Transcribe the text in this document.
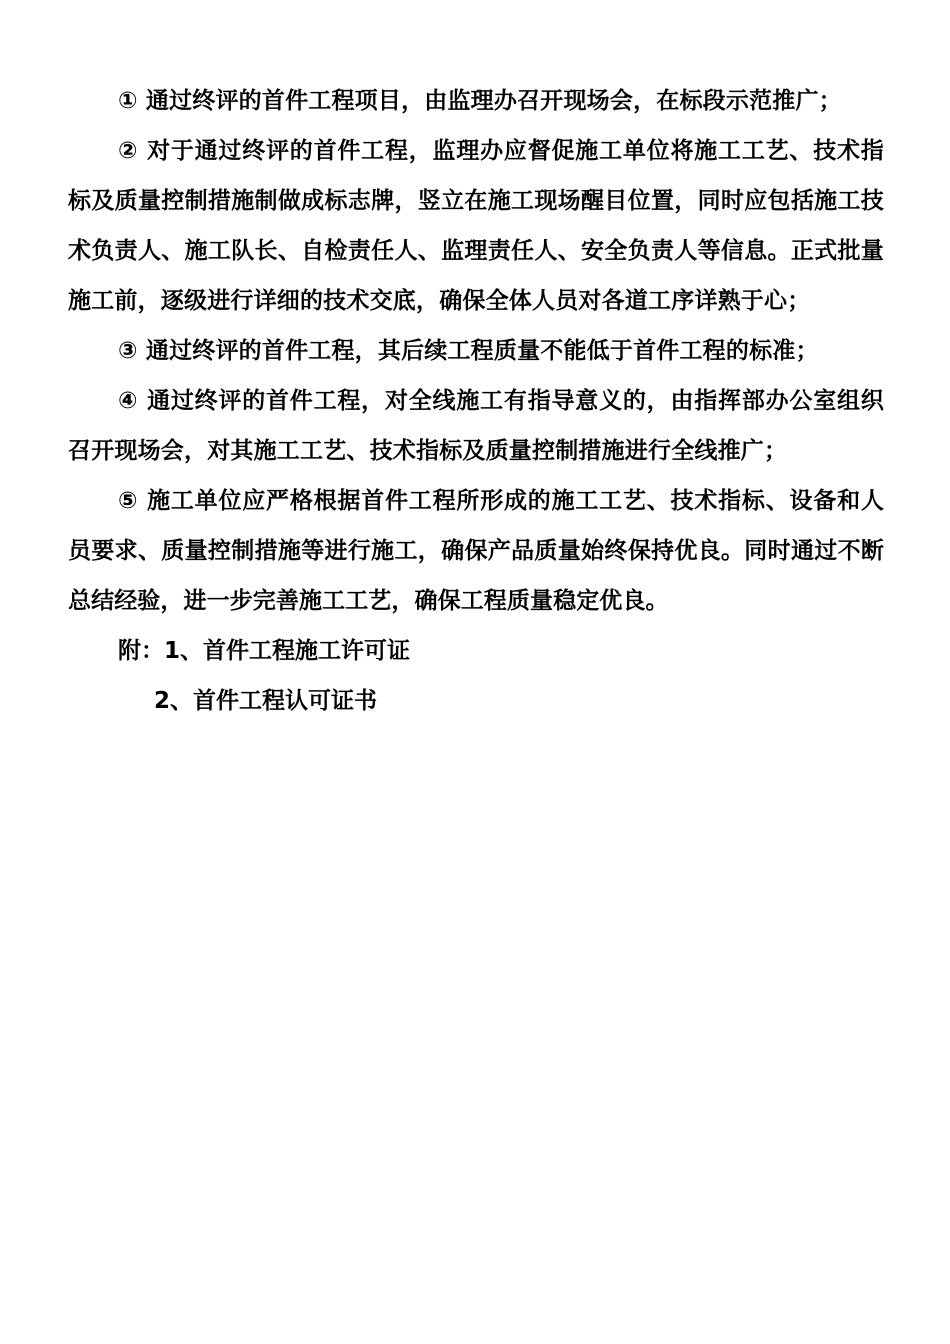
① 通过终评的首件工程项目，由监理办召开现场会，在标段示范推广；

② 对于通过终评的首件工程，监理办应督促施工单位将施工工艺、技术指标及质量控制措施制做成标志牌，竖立在施工现场醒目位置，同时应包括施工技术负责人、施工队长、自检责任人、监理责任人、安全负责人等信息。正式批量施工前，逐级进行详细的技术交底，确保全体人员对各道工序详熟于心；

③ 通过终评的首件工程，其后续工程质量不能低于首件工程的标准；

④ 通过终评的首件工程，对全线施工有指导意义的，由指挥部办公室组织召开现场会，对其施工工艺、技术指标及质量控制措施进行全线推广；

⑤ 施工单位应严格根据首件工程所形成的施工工艺、技术指标、设备和人员要求、质量控制措施等进行施工，确保产品质量始终保持优良。同时通过不断总结经验，进一步完善施工工艺，确保工程质量稳定优良。

附：1、首件工程施工许可证

2、首件工程认可证书
